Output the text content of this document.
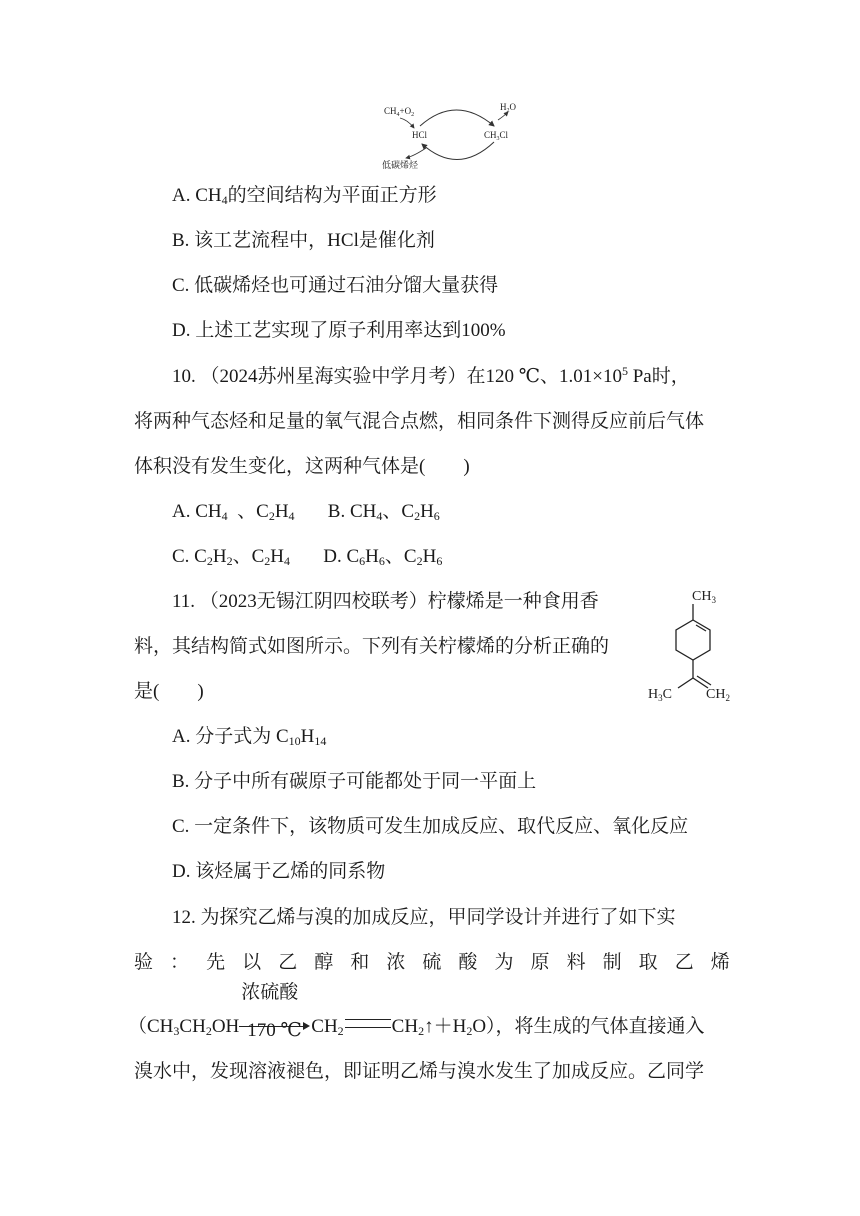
$CH_4+O_2$
HCl
$H_2O$
$CH_3Cl$
低碳烯烃
A. $CH_4$的空间结构为平面正方形
B. 该工艺流程中，HCl是催化剂
C. 低碳烯烃也可通过石油分馏大量获得
D. 上述工艺实现了原子利用率达到100%
10. （2024苏州星海实验中学月考）在120 ℃、$1.01\times 10^5$ Pa时，
将两种气态烃和足量的氧气混合点燃，相同条件下测得反应前后气体
体积没有发生变化，这两种气体是(　　)
A. $CH_4$  、$C_2H_4$       B. $CH_4$、$C_2H_6$
C. $C_2H_2$、$C_2H_4$       D. $C_6H_6$、$C_2H_6$
11. （2023无锡江阴四校联考）柠檬烯是一种食用香
料，其结构简式如图所示。下列有关柠檬烯的分析正确的
是(　　)
$CH_3$
$H_3C$ $CH_2$
A. 分子式为 $C_{10}H_{14}$
B. 分子中所有碳原子可能都处于同一平面上
C. 一定条件下，该物质可发生加成反应、取代反应、氧化反应
D. 该烃属于乙烯的同系物
12. 为探究乙烯与溴的加成反应，甲同学设计并进行了如下实
验 ： 先 以 乙 醇 和 浓 硫 酸 为 原 料 制 取 乙 烯
（$CH_3CH_2OH$
浓硫酸
170 ℃ $CH_2$	$CH_2↑+H_2O$），将生成的气体直接通入
溴水中，发现溶液褪色，即证明乙烯与溴水发生了加成反应。乙同学
